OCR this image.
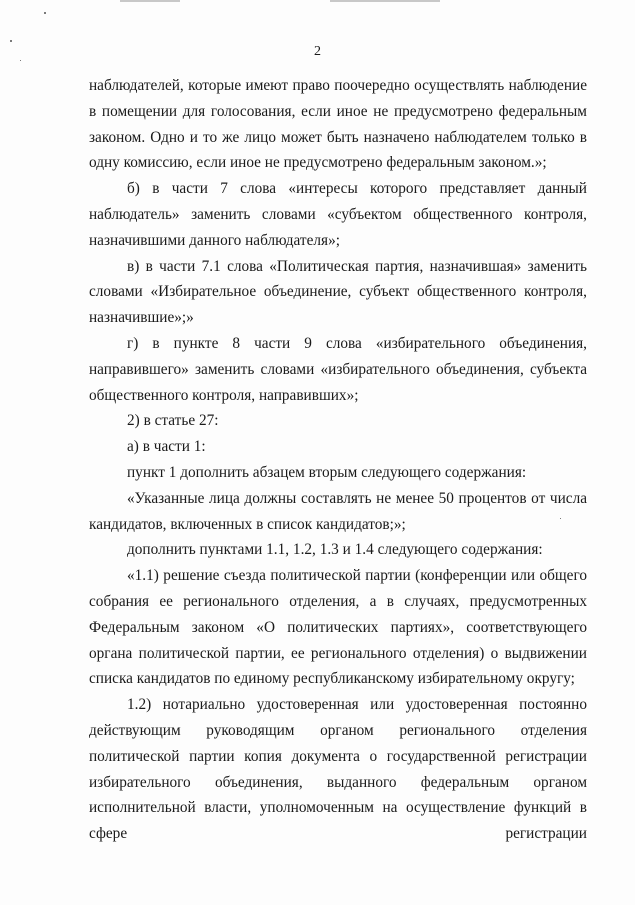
2

наблюдателей, которые имеют право поочередно осуществлять наблюдение в помещении для голосования, если иное не предусмотрено федеральным законом. Одно и то же лицо может быть назначено наблюдателем только в одну комиссию, если иное не предусмотрено федеральным законом.»;

б) в части 7 слова «интересы которого представляет данный наблюдатель» заменить словами «субъектом общественного контроля, назначившими данного наблюдателя»;

в) в части 7.1 слова «Политическая партия, назначившая» заменить словами «Избирательное объединение, субъект общественного контроля, назначившие»;»

г) в пункте 8 части 9 слова «избирательного объединения, направившего» заменить словами «избирательного объединения, субъекта общественного контроля, направивших»;

2) в статье 27:

а) в части 1:

пункт 1 дополнить абзацем вторым следующего содержания:

«Указанные лица должны составлять не менее 50 процентов от числа кандидатов, включенных в список кандидатов;»;

дополнить пунктами 1.1, 1.2, 1.3 и 1.4 следующего содержания:

«1.1) решение съезда политической партии (конференции или общего собрания ее регионального отделения, а в случаях, предусмотренных Федеральным законом «О политических партиях», соответствующего органа политической партии, ее регионального отделения) о выдвижении списка кандидатов по единому республиканскому избирательному округу;

1.2) нотариально удостоверенная или удостоверенная постоянно действующим руководящим органом регионального отделения политической партии копия документа о государственной регистрации избирательного объединения, выданного федеральным органом исполнительной власти, уполномоченным на осуществление функций в сфере регистрации
